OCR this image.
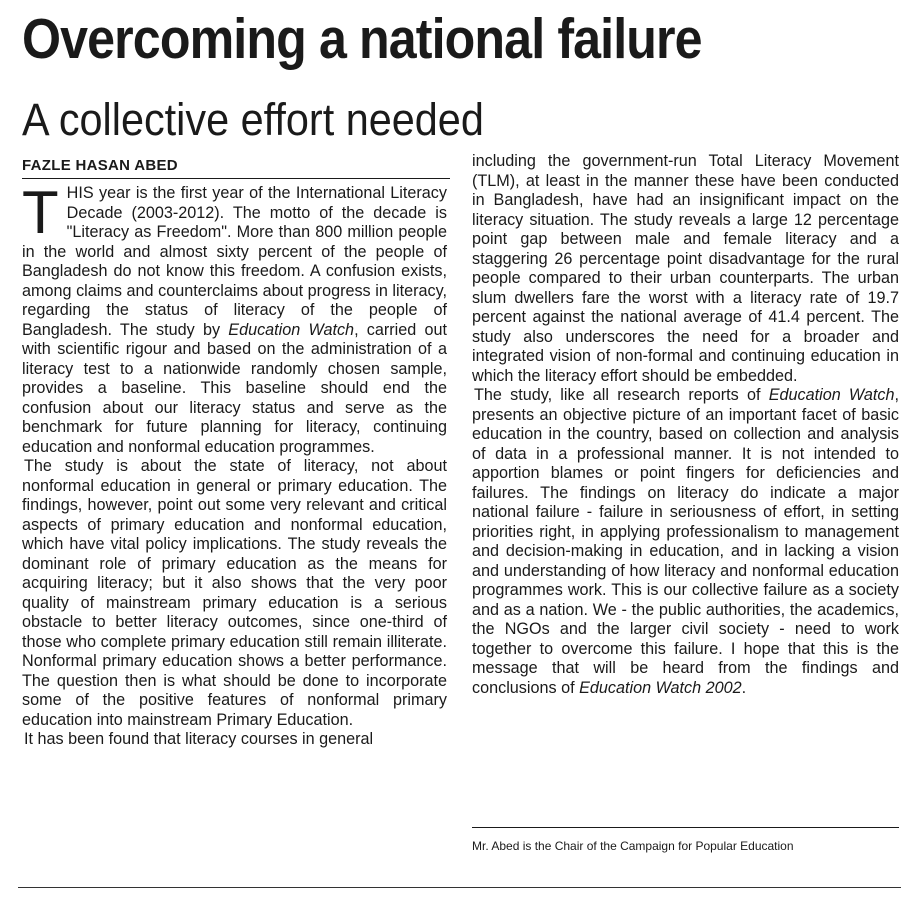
Overcoming a national failure
A collective effort needed
FAZLE HASAN ABED

THIS year is the first year of the International Literacy Decade (2003-2012). The motto of the decade is "Literacy as Freedom". More than 800 million people in the world and almost sixty percent of the people of Bangladesh do not know this freedom. A confusion exists, among claims and counterclaims about progress in literacy, regarding the status of literacy of the people of Bangladesh. The study by Education Watch, carried out with scientific rigour and based on the administration of a literacy test to a nationwide randomly chosen sample, provides a baseline. This baseline should end the confusion about our literacy status and serve as the benchmark for future planning for literacy, continuing education and nonformal education programmes.

The study is about the state of literacy, not about nonformal education in general or primary education. The findings, however, point out some very relevant and critical aspects of primary education and nonformal education, which have vital policy implications. The study reveals the dominant role of primary education as the means for acquiring literacy; but it also shows that the very poor quality of mainstream primary education is a serious obstacle to better literacy outcomes, since one-third of those who complete primary education still remain illiterate. Nonformal primary education shows a better performance. The question then is what should be done to incorporate some of the positive features of nonformal primary education into mainstream Primary Education.

It has been found that literacy courses in general

including the government-run Total Literacy Movement (TLM), at least in the manner these have been conducted in Bangladesh, have had an insignificant impact on the literacy situation. The study reveals a large 12 percentage point gap between male and female literacy and a staggering 26 percentage point disadvantage for the rural people compared to their urban counterparts. The urban slum dwellers fare the worst with a literacy rate of 19.7 percent against the national average of 41.4 percent. The study also underscores the need for a broader and integrated vision of non-formal and continuing education in which the literacy effort should be embedded.

The study, like all research reports of Education Watch, presents an objective picture of an important facet of basic education in the country, based on collection and analysis of data in a professional manner. It is not intended to apportion blames or point fingers for deficiencies and failures. The findings on literacy do indicate a major national failure - failure in seriousness of effort, in setting priorities right, in applying professionalism to management and decision-making in education, and in lacking a vision and understanding of how literacy and nonformal education programmes work. This is our collective failure as a society and as a nation. We - the public authorities, the academics, the NGOs and the larger civil society - need to work together to overcome this failure. I hope that this is the message that will be heard from the findings and conclusions of Education Watch 2002.

Mr. Abed is the Chair of the Campaign for Popular Education
